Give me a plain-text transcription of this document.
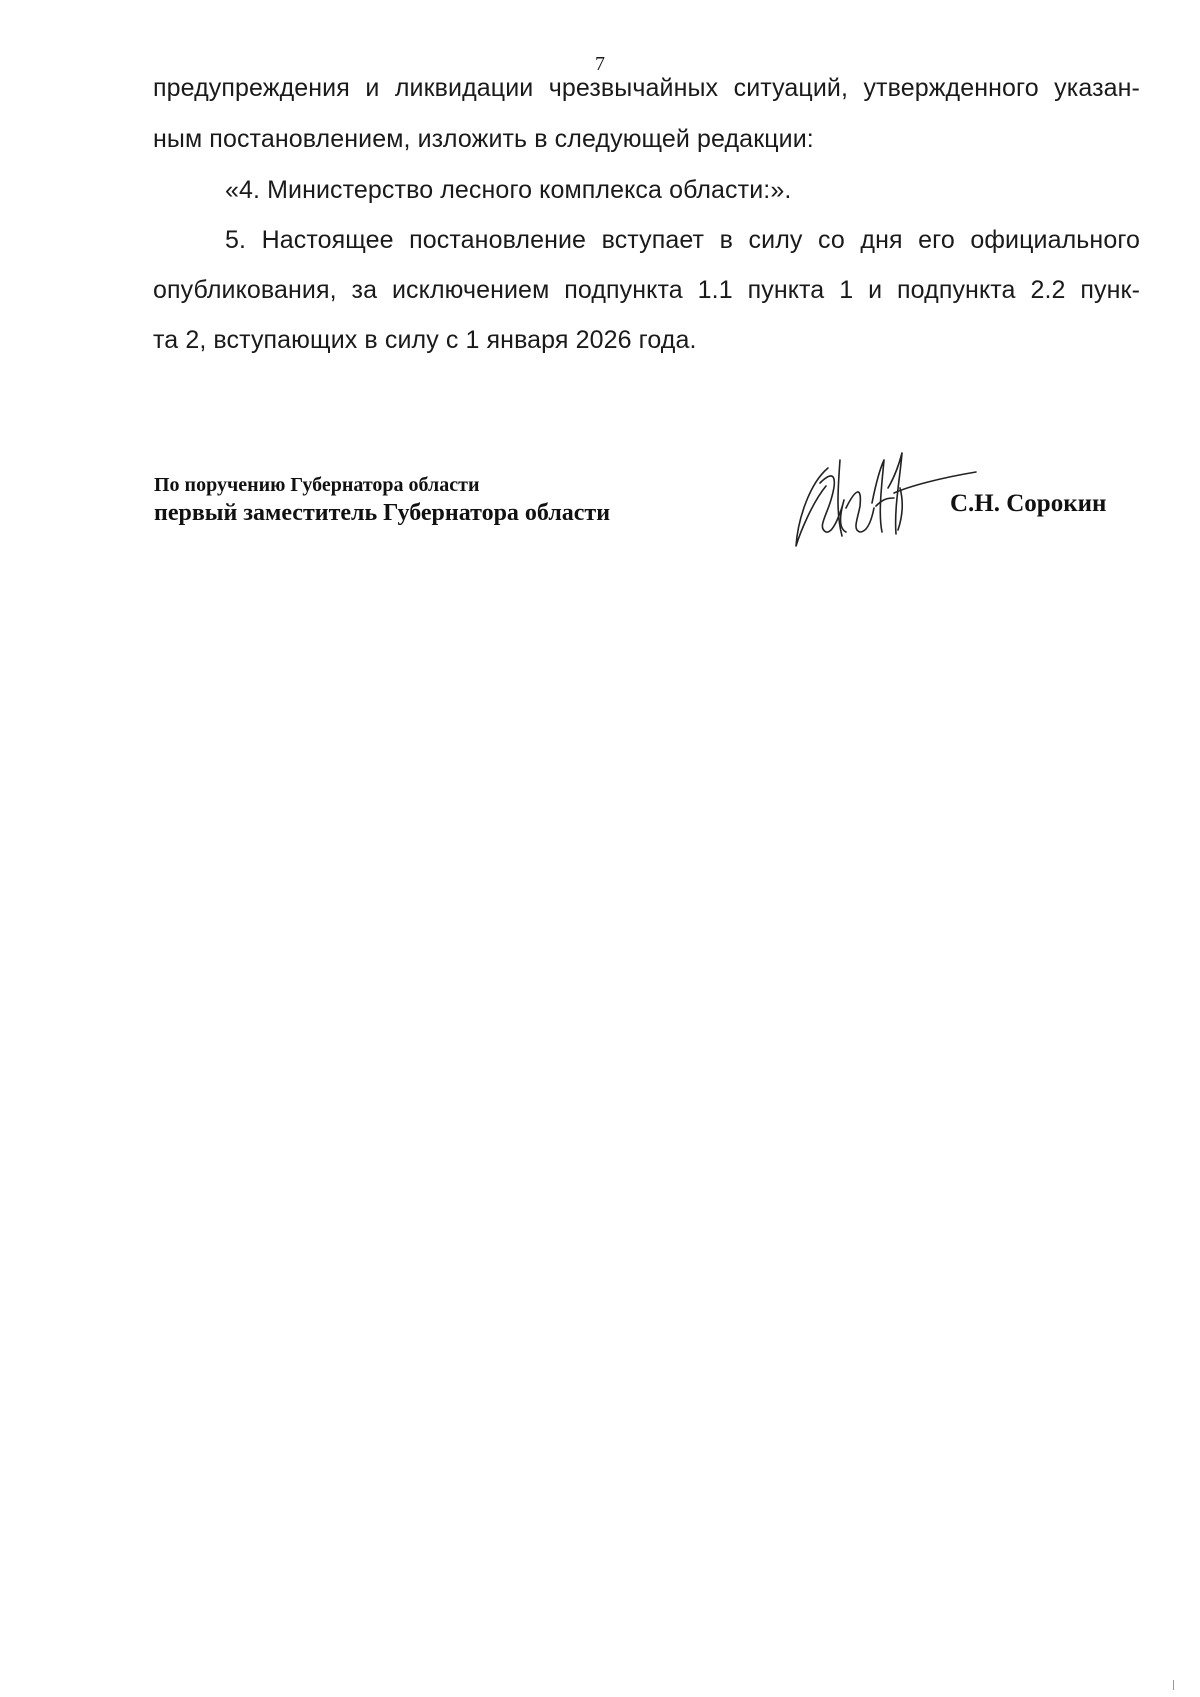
7
предупреждения и ликвидации чрезвычайных ситуаций, утвержденного указан-
ным постановлением, изложить в следующей редакции:
«4. Министерство лесного комплекса области:».
5. Настоящее постановление вступает в силу со дня его официального
опубликования, за исключением подпункта 1.1 пункта 1 и подпункта 2.2 пунк-
та 2, вступающих в силу с 1 января 2026 года.
По поручению Губернатора области
первый заместитель Губернатора области	С.Н. Сорокин
